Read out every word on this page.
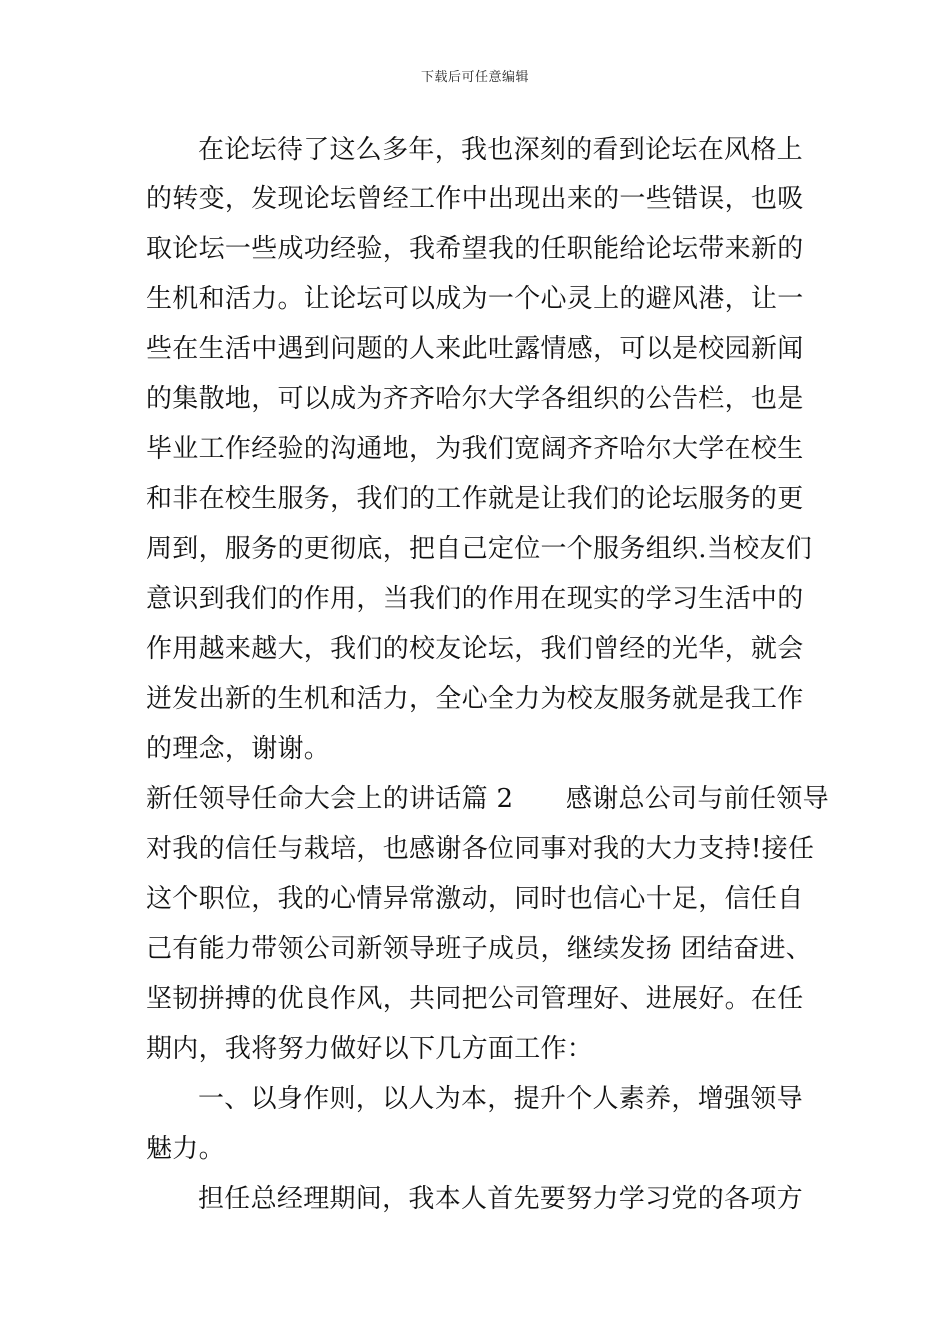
下载后可任意编辑
在论坛待了这么多年，我也深刻的看到论坛在风格上
的转变，发现论坛曾经工作中出现出来的一些错误，也吸
取论坛一些成功经验，我希望我的任职能给论坛带来新的
生机和活力。让论坛可以成为一个心灵上的避风港，让一
些在生活中遇到问题的人来此吐露情感，可以是校园新闻
的集散地，可以成为齐齐哈尔大学各组织的公告栏，也是
毕业工作经验的沟通地，为我们宽阔齐齐哈尔大学在校生
和非在校生服务，我们的工作就是让我们的论坛服务的更
周到，服务的更彻底，把自己定位一个服务组织.当校友们
意识到我们的作用，当我们的作用在现实的学习生活中的
作用越来越大，我们的校友论坛，我们曾经的光华，就会
迸发出新的生机和活力，全心全力为校友服务就是我工作
的理念，谢谢。
新任领导任命大会上的讲话篇 2　　感谢总公司与前任领导
对我的信任与栽培，也感谢各位同事对我的大力支持!接任
这个职位，我的心情异常激动，同时也信心十足，信任自
己有能力带领公司新领导班子成员，继续发扬 团结奋进、
坚韧拼搏的优良作风，共同把公司管理好、进展好。在任
期内，我将努力做好以下几方面工作：
一、以身作则，以人为本，提升个人素养，增强领导
魅力。
担任总经理期间，我本人首先要努力学习党的各项方
